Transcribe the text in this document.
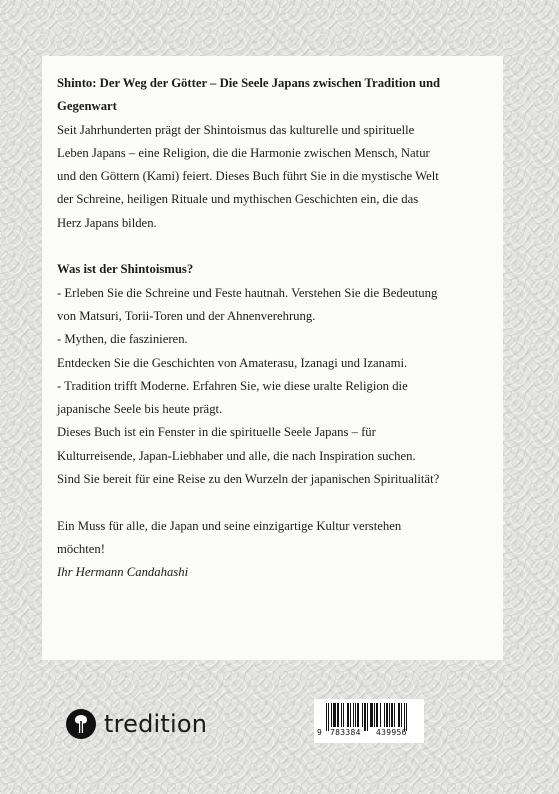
Shinto: Der Weg der Götter – Die Seele Japans zwischen Tradition und

Gegenwart

Seit Jahrhunderten prägt der Shintoismus das kulturelle und spirituelle

Leben Japans – eine Religion, die die Harmonie zwischen Mensch, Natur

und den Göttern (Kami) feiert. Dieses Buch führt Sie in die mystische Welt

der Schreine, heiligen Rituale und mythischen Geschichten ein, die das

Herz Japans bilden.

Was ist der Shintoismus?

- Erleben Sie die Schreine und Feste hautnah. Verstehen Sie die Bedeutung

von Matsuri, Torii-Toren und der Ahnenverehrung.

- Mythen, die faszinieren.

Entdecken Sie die Geschichten von Amaterasu, Izanagi und Izanami.

- Tradition trifft Moderne. Erfahren Sie, wie diese uralte Religion die

japanische Seele bis heute prägt.

Dieses Buch ist ein Fenster in die spirituelle Seele Japans – für

Kulturreisende, Japan-Liebhaber und alle, die nach Inspiration suchen.

Sind Sie bereit für eine Reise zu den Wurzeln der japanischen Spiritualität?

Ein Muss für alle, die Japan und seine einzigartige Kultur verstehen

möchten!

Ihr Hermann Candahashi

tredition	9 783384 439956
